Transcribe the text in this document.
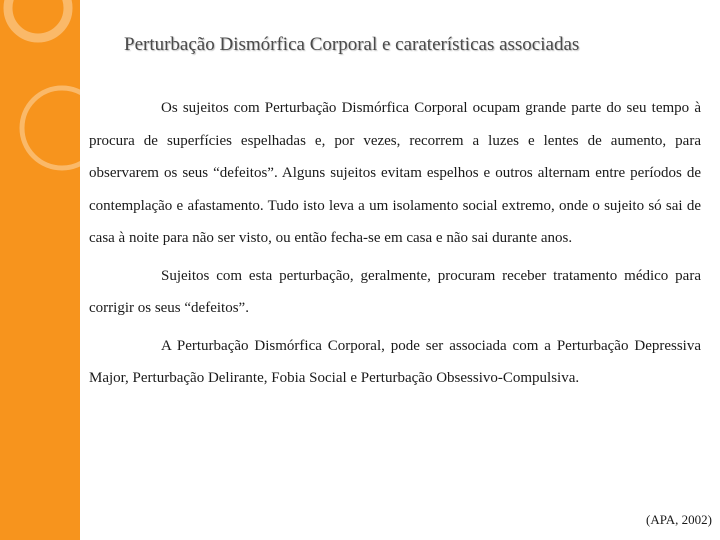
Perturbação Dismórfica Corporal e caraterísticas associadas

Os sujeitos com Perturbação Dismórfica Corporal ocupam grande parte do seu tempo à procura de superfícies espelhadas e, por vezes, recorrem a luzes e lentes de aumento, para observarem os seus “defeitos”. Alguns sujeitos evitam espelhos e outros alternam entre períodos de contemplação e afastamento. Tudo isto leva a um isolamento social extremo, onde o sujeito só sai de casa à noite para não ser visto, ou então fecha-se em casa e não sai durante anos.

Sujeitos com esta perturbação, geralmente, procuram receber tratamento médico para corrigir os seus “defeitos”.

A Perturbação Dismórfica Corporal, pode ser associada com a Perturbação Depressiva Major, Perturbação Delirante, Fobia Social e Perturbação Obsessivo-Compulsiva.

(APA, 2002)
